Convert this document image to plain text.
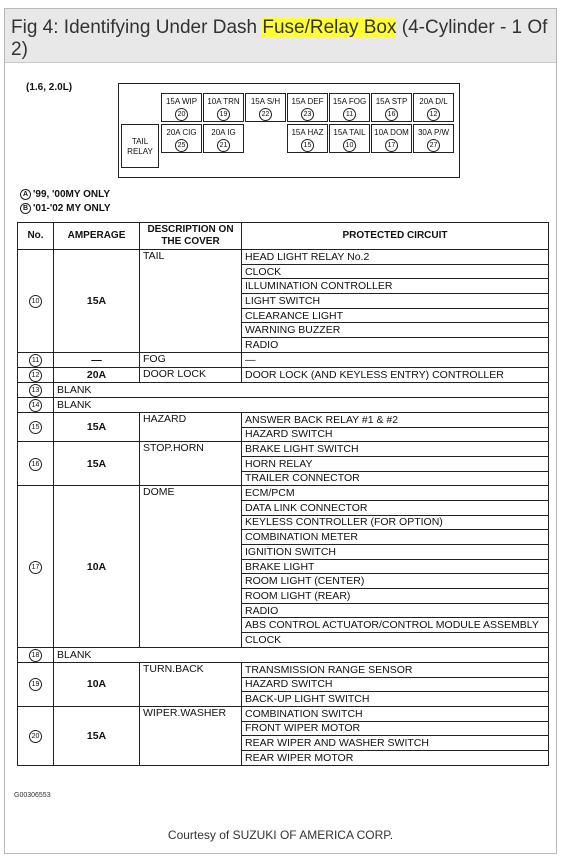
Fig 4: Identifying Under Dash Fuse/Relay Box (4-Cylinder - 1 Of 2)
(1.6, 2.0L)
TAIL RELAY
15A WIP
20
10A TRN
19
15A S/H
22
15A DEF
23
15A FOG
11
15A STP
16
20A D/L
12
20A CIG
25
20A IG
21
15A HAZ
15
15A TAIL
10
10A DOM
17
30A P/W
27
A '99, '00MY ONLY
B '01-'02 MY ONLY
No.	AMPERAGE	DESCRIPTION ON THE COVER	PROTECTED CIRCUIT
10	15A	TAIL	HEAD LIGHT RELAY No.2
			CLOCK
			ILLUMINATION CONTROLLER
			LIGHT SWITCH
			CLEARANCE LIGHT
			WARNING BUZZER
			RADIO
11	—	FOG	—
12	20A	DOOR LOCK	DOOR LOCK (AND KEYLESS ENTRY) CONTROLLER
13	BLANK		
14	BLANK		
15	15A	HAZARD	ANSWER BACK RELAY #1 & #2
			HAZARD SWITCH
16	15A	STOP.HORN	BRAKE LIGHT SWITCH
			HORN RELAY
			TRAILER CONNECTOR
17	10A	DOME	ECM/PCM
			DATA LINK CONNECTOR
			KEYLESS CONTROLLER (FOR OPTION)
			COMBINATION METER
			IGNITION SWITCH
			BRAKE LIGHT
			ROOM LIGHT (CENTER)
			ROOM LIGHT (REAR)
			RADIO
			ABS CONTROL ACTUATOR/CONTROL MODULE ASSEMBLY
			CLOCK
18	BLANK		
19	10A	TURN.BACK	TRANSMISSION RANGE SENSOR
			HAZARD SWITCH
			BACK-UP LIGHT SWITCH
20	15A	WIPER.WASHER	COMBINATION SWITCH
			FRONT WIPER MOTOR
			REAR WIPER AND WASHER SWITCH
			REAR WIPER MOTOR
G00306553
Courtesy of SUZUKI OF AMERICA CORP.
